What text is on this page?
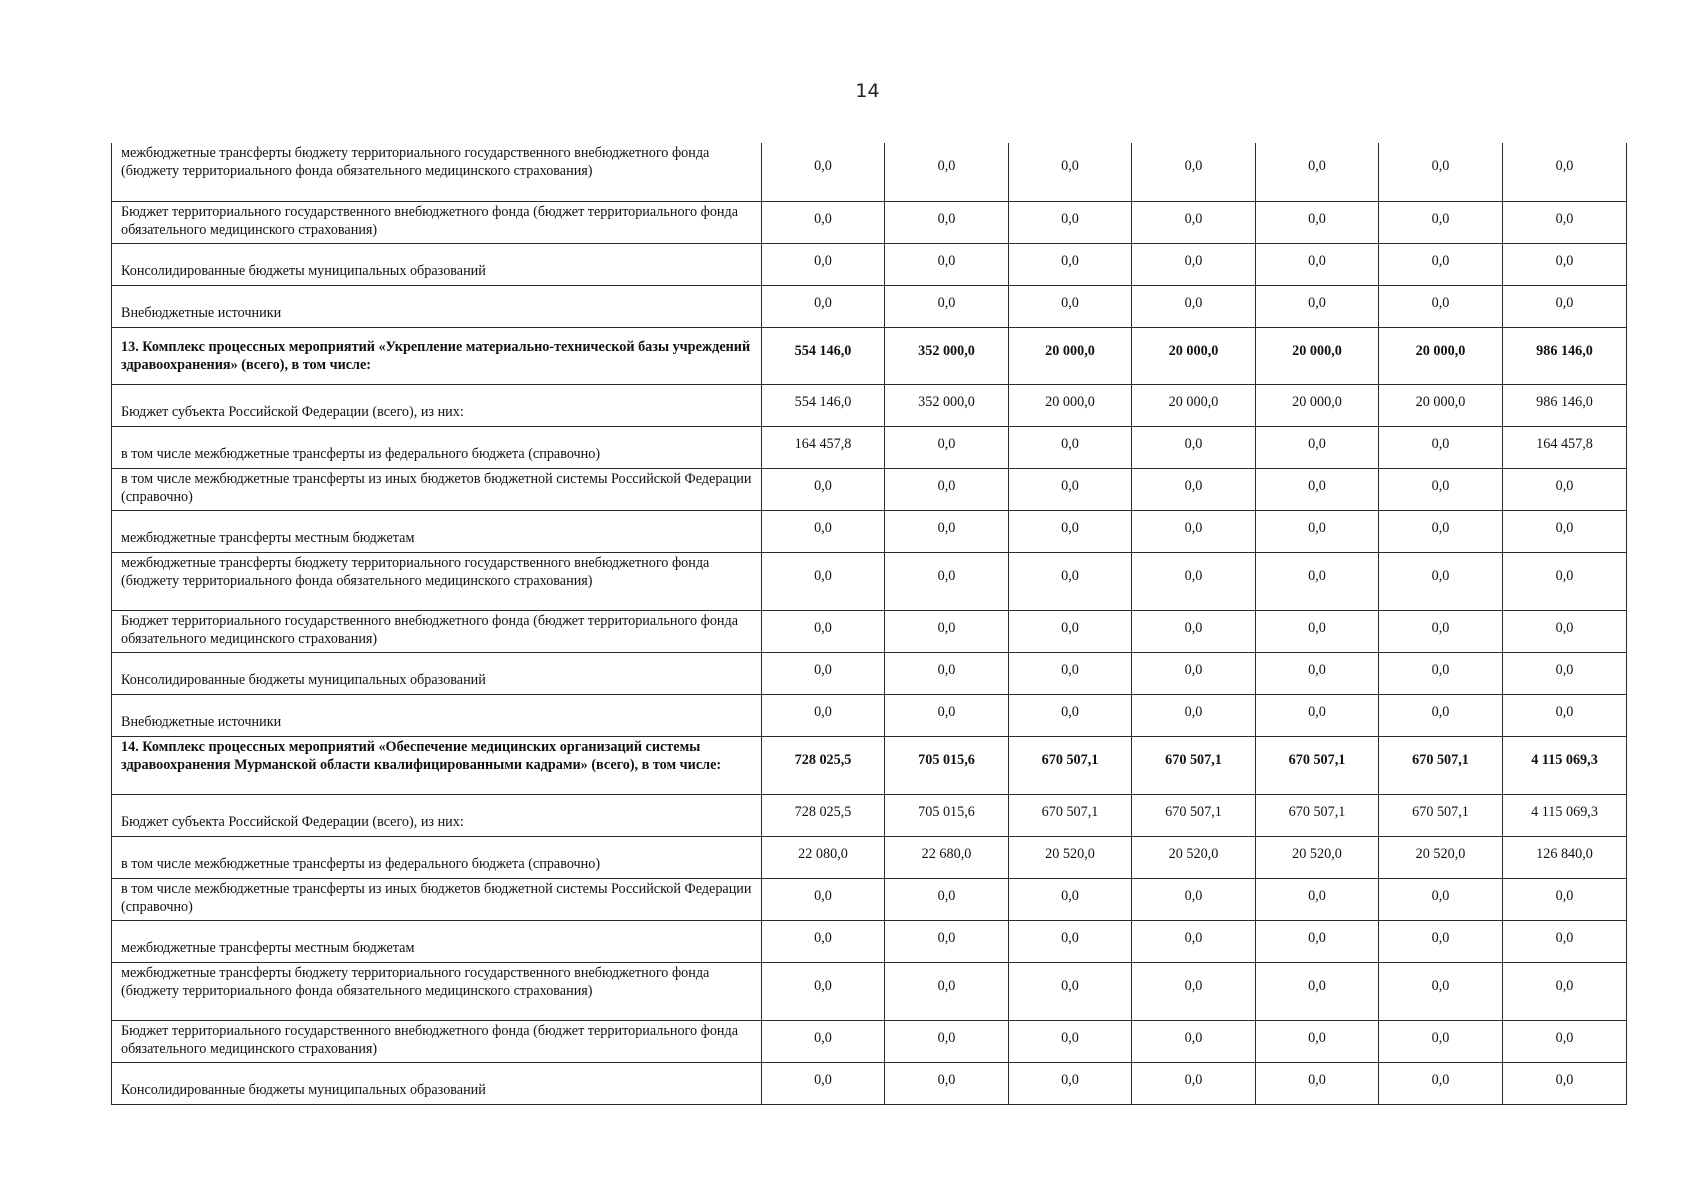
14
межбюджетные трансферты бюджету территориального государственного внебюджетного фонда (бюджету территориального фонда обязательного медицинского страхования)	0,0	0,0	0,0	0,0	0,0	0,0	0,0
Бюджет территориального государственного внебюджетного фонда (бюджет территориального фонда обязательного медицинского страхования)	0,0	0,0	0,0	0,0	0,0	0,0	0,0
Консолидированные бюджеты муниципальных образований	0,0	0,0	0,0	0,0	0,0	0,0	0,0
Внебюджетные источники	0,0	0,0	0,0	0,0	0,0	0,0	0,0
13. Комплекс процессных мероприятий «Укрепление материально-технической базы учреждений здравоохранения» (всего), в том числе:	554 146,0	352 000,0	20 000,0	20 000,0	20 000,0	20 000,0	986 146,0
Бюджет субъекта Российской Федерации (всего), из них:	554 146,0	352 000,0	20 000,0	20 000,0	20 000,0	20 000,0	986 146,0
в том числе межбюджетные трансферты из федерального бюджета (справочно)	164 457,8	0,0	0,0	0,0	0,0	0,0	164 457,8
в том числе межбюджетные трансферты из иных бюджетов бюджетной системы Российской Федерации (справочно)	0,0	0,0	0,0	0,0	0,0	0,0	0,0
межбюджетные трансферты местным бюджетам	0,0	0,0	0,0	0,0	0,0	0,0	0,0
межбюджетные трансферты бюджету территориального государственного внебюджетного фонда (бюджету территориального фонда обязательного медицинского страхования)	0,0	0,0	0,0	0,0	0,0	0,0	0,0
Бюджет территориального государственного внебюджетного фонда (бюджет территориального фонда обязательного медицинского страхования)	0,0	0,0	0,0	0,0	0,0	0,0	0,0
Консолидированные бюджеты муниципальных образований	0,0	0,0	0,0	0,0	0,0	0,0	0,0
Внебюджетные источники	0,0	0,0	0,0	0,0	0,0	0,0	0,0
14. Комплекс процессных мероприятий «Обеспечение медицинских организаций системы здравоохранения Мурманской области квалифицированными кадрами» (всего), в том числе:	728 025,5	705 015,6	670 507,1	670 507,1	670 507,1	670 507,1	4 115 069,3
Бюджет субъекта Российской Федерации (всего), из них:	728 025,5	705 015,6	670 507,1	670 507,1	670 507,1	670 507,1	4 115 069,3
в том числе межбюджетные трансферты из федерального бюджета (справочно)	22 080,0	22 680,0	20 520,0	20 520,0	20 520,0	20 520,0	126 840,0
в том числе межбюджетные трансферты из иных бюджетов бюджетной системы Российской Федерации (справочно)	0,0	0,0	0,0	0,0	0,0	0,0	0,0
межбюджетные трансферты местным бюджетам	0,0	0,0	0,0	0,0	0,0	0,0	0,0
межбюджетные трансферты бюджету территориального государственного внебюджетного фонда (бюджету территориального фонда обязательного медицинского страхования)	0,0	0,0	0,0	0,0	0,0	0,0	0,0
Бюджет территориального государственного внебюджетного фонда (бюджет территориального фонда обязательного медицинского страхования)	0,0	0,0	0,0	0,0	0,0	0,0	0,0
Консолидированные бюджеты муниципальных образований	0,0	0,0	0,0	0,0	0,0	0,0	0,0
